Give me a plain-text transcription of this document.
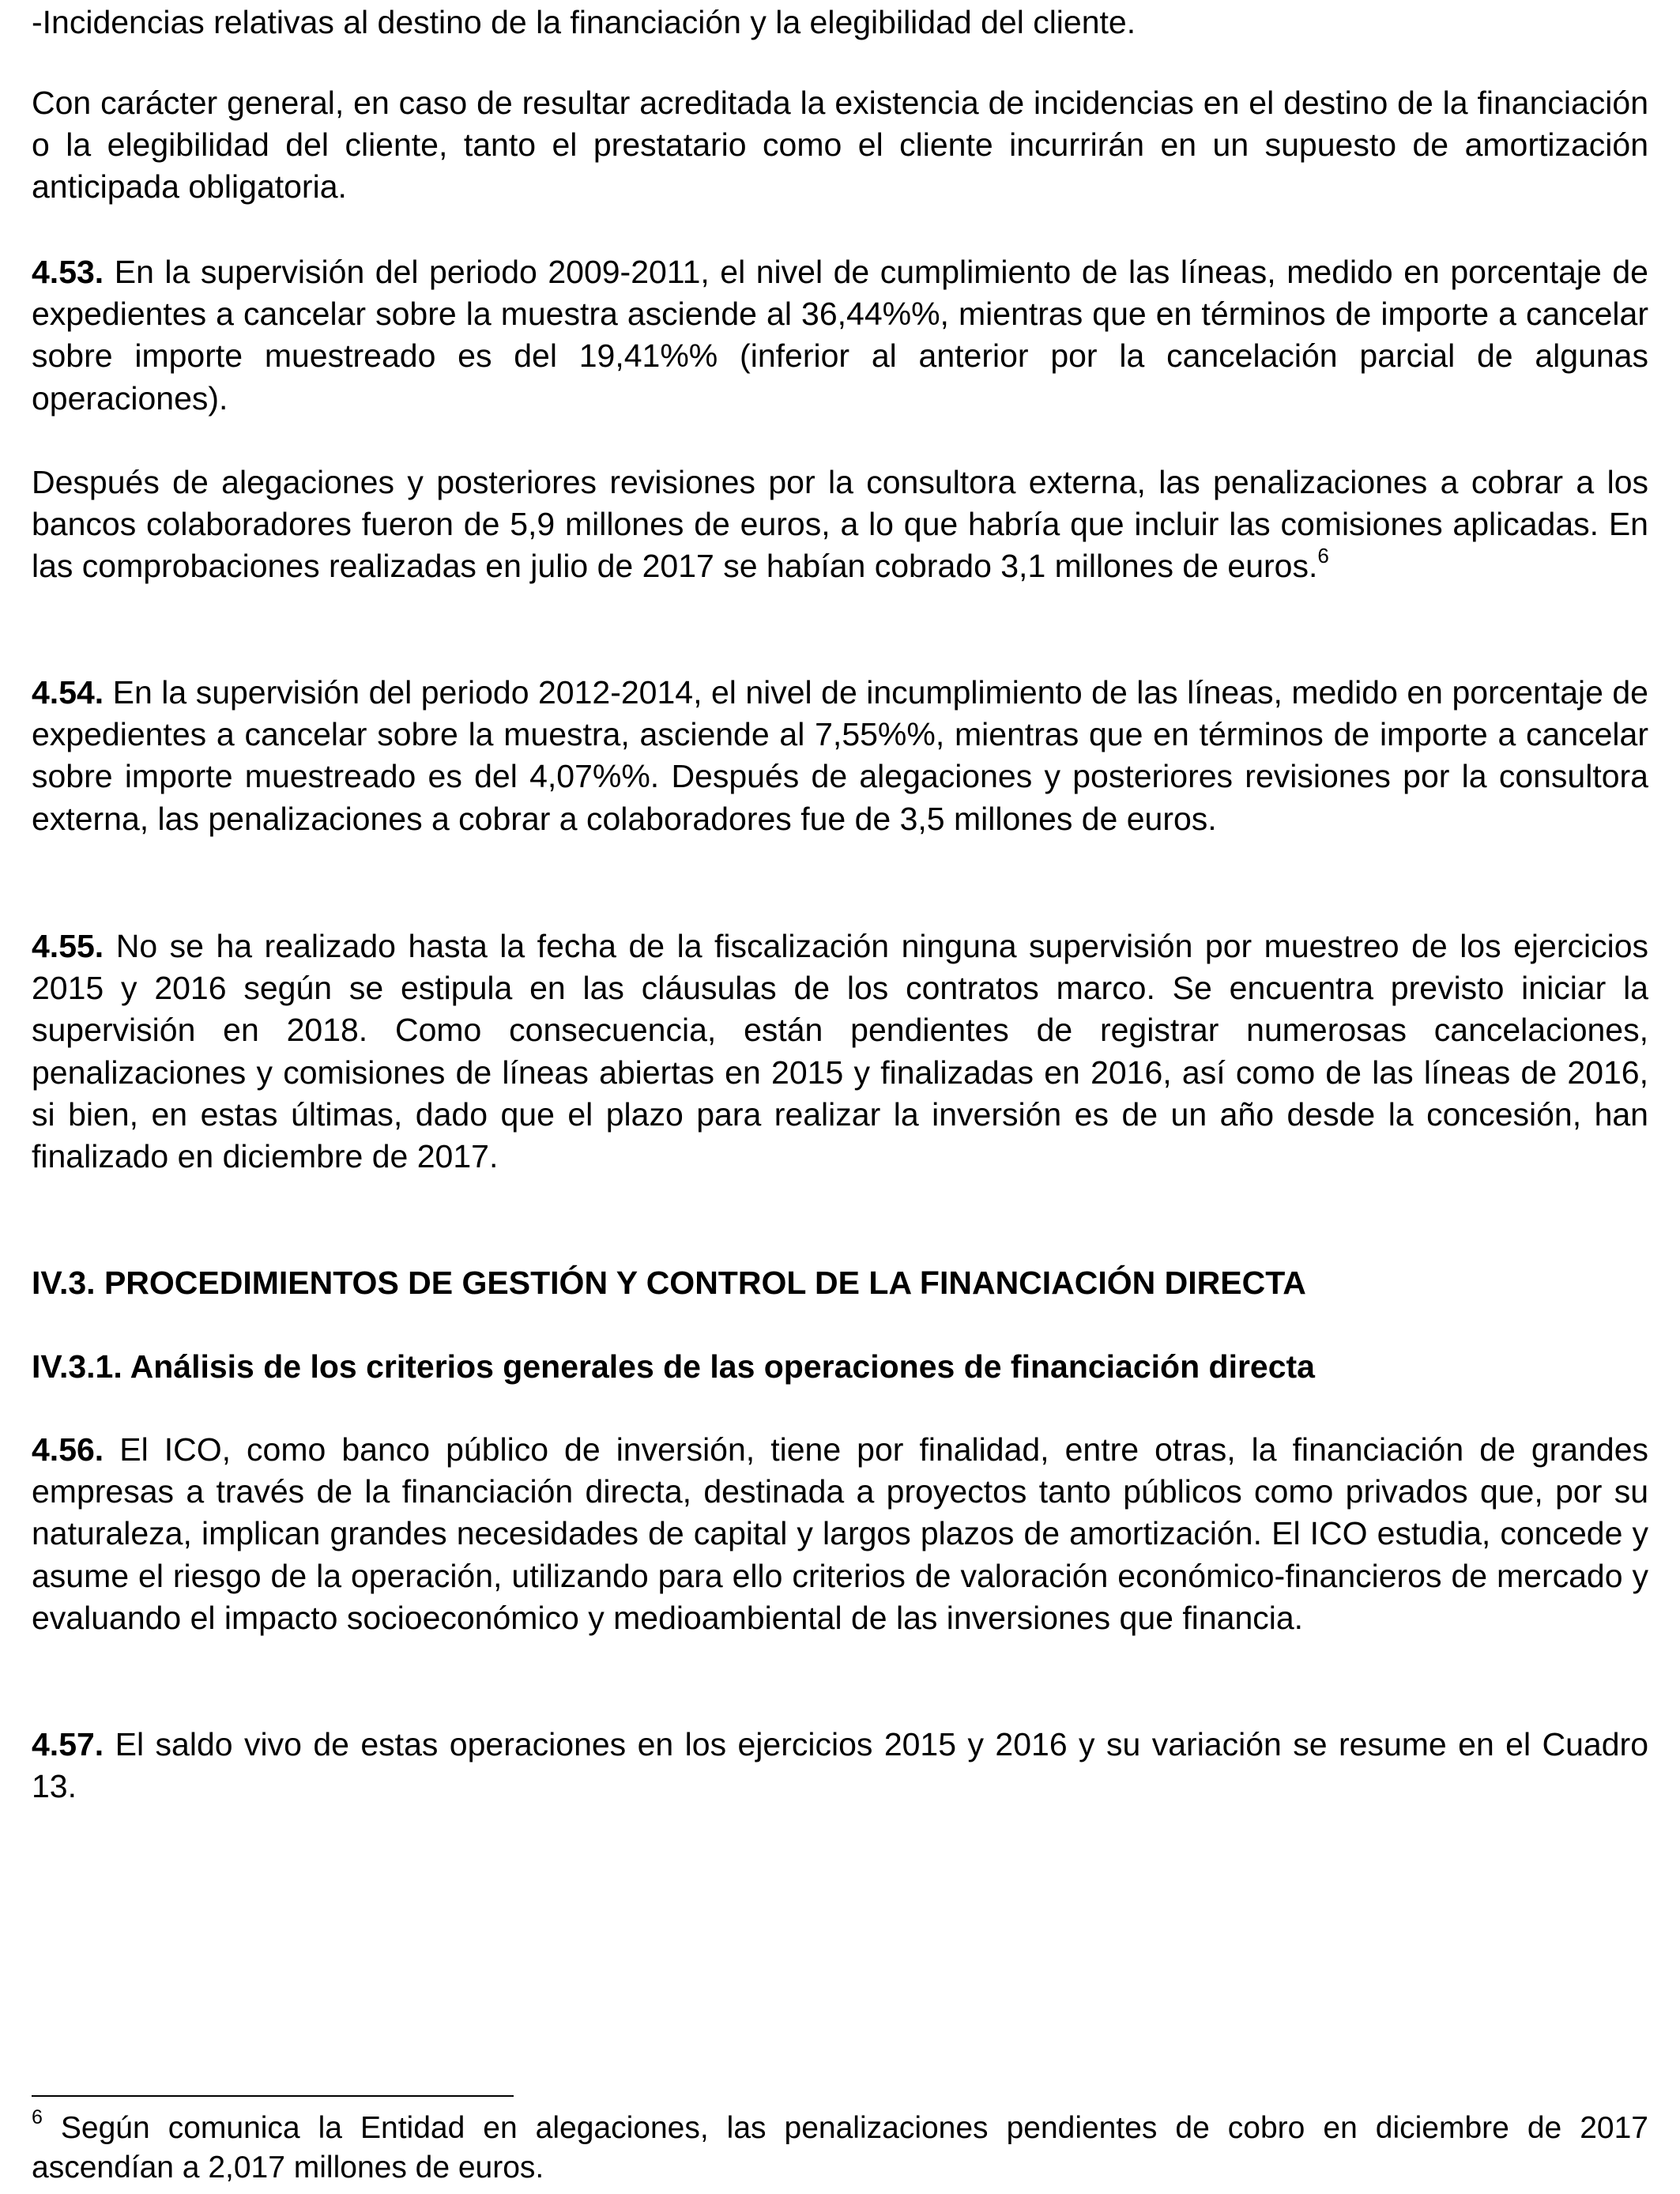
-Incidencias relativas al destino de la financiación y la elegibilidad del cliente.

Con carácter general, en caso de resultar acreditada la existencia de incidencias en el destino de la financiación o la elegibilidad del cliente, tanto el prestatario como el cliente incurrirán en un supuesto de amortización anticipada obligatoria.

4.53. En la supervisión del periodo 2009-2011, el nivel de cumplimiento de las líneas, medido en porcentaje de expedientes a cancelar sobre la muestra asciende al 36,44%%, mientras que en términos de importe a cancelar sobre importe muestreado es del 19,41%% (inferior al anterior por la cancelación parcial de algunas operaciones).

Después de alegaciones y posteriores revisiones por la consultora externa, las penalizaciones a cobrar a los bancos colaboradores fueron de 5,9 millones de euros, a lo que habría que incluir las comisiones aplicadas. En las comprobaciones realizadas en julio de 2017 se habían cobrado 3,1 millones de euros.$^6$

4.54. En la supervisión del periodo 2012-2014, el nivel de incumplimiento de las líneas, medido en porcentaje de expedientes a cancelar sobre la muestra, asciende al 7,55%%, mientras que en términos de importe a cancelar sobre importe muestreado es del 4,07%%. Después de alegaciones y posteriores revisiones por la consultora externa, las penalizaciones a cobrar a colaboradores fue de 3,5 millones de euros.

4.55. No se ha realizado hasta la fecha de la fiscalización ninguna supervisión por muestreo de los ejercicios 2015 y 2016 según se estipula en las cláusulas de los contratos marco. Se encuentra previsto iniciar la supervisión en 2018. Como consecuencia, están pendientes de registrar numerosas cancelaciones, penalizaciones y comisiones de líneas abiertas en 2015 y finalizadas en 2016, así como de las líneas de 2016, si bien, en estas últimas, dado que el plazo para realizar la inversión es de un año desde la concesión, han finalizado en diciembre de 2017.

IV.3. PROCEDIMIENTOS DE GESTIÓN Y CONTROL DE LA FINANCIACIÓN DIRECTA
IV.3.1. Análisis de los criterios generales de las operaciones de financiación directa

4.56. El ICO, como banco público de inversión, tiene por finalidad, entre otras, la financiación de grandes empresas a través de la financiación directa, destinada a proyectos tanto públicos como privados que, por su naturaleza, implican grandes necesidades de capital y largos plazos de amortización. El ICO estudia, concede y asume el riesgo de la operación, utilizando para ello criterios de valoración económico-financieros de mercado y evaluando el impacto socioeconómico y medioambiental de las inversiones que financia.

4.57. El saldo vivo de estas operaciones en los ejercicios 2015 y 2016 y su variación se resume en el Cuadro 13.

$^6$ Según comunica la Entidad en alegaciones, las penalizaciones pendientes de cobro en diciembre de 2017 ascendían a 2,017 millones de euros.
